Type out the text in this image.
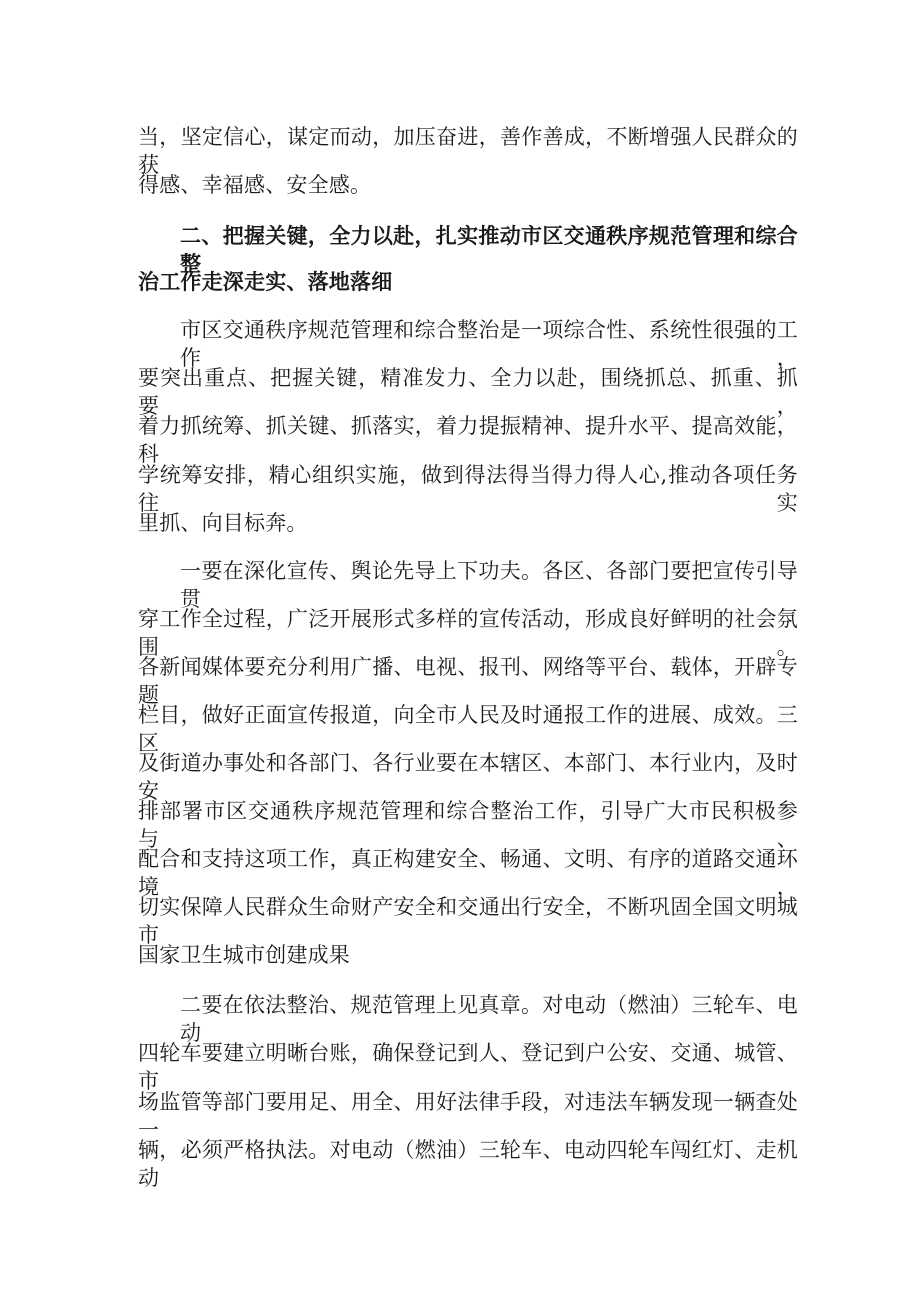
当，坚定信心，谋定而动，加压奋进，善作善成，不断增强人民群众的获
得感、幸福感、安全感。
二、把握关键，全力以赴，扎实推动市区交通秩序规范管理和综合整
治工作走深走实、落地落细
市区交通秩序规范管理和综合整治是一项综合性、系统性很强的工作，
要突出重点、把握关键，精准发力、全力以赴，围绕抓总、抓重、抓要，
着力抓统筹、抓关键、抓落实，着力提振精神、提升水平、提高效能，科
学统筹安排，精心组织实施，做到得法得当得力得人心,推动各项任务往实
里抓、向目标奔。
一要在深化宣传、舆论先导上下功夫。各区、各部门要把宣传引导贯
穿工作全过程，广泛开展形式多样的宣传活动，形成良好鲜明的社会氛围。
各新闻媒体要充分利用广播、电视、报刊、网络等平台、载体，开辟专题
栏目，做好正面宣传报道，向全市人民及时通报工作的进展、成效。三区
及街道办事处和各部门、各行业要在本辖区、本部门、本行业内，及时安
排部署市区交通秩序规范管理和综合整治工作，引导广大市民积极参与、
配合和支持这项工作，真正构建安全、畅通、文明、有序的道路交通环境，
切实保障人民群众生命财产安全和交通出行安全，不断巩固全国文明城市
国家卫生城市创建成果
二要在依法整治、规范管理上见真章。对电动（燃油）三轮车、电动
四轮车要建立明晰台账，确保登记到人、登记到户公安、交通、城管、市
场监管等部门要用足、用全、用好法律手段，对违法车辆发现一辆查处一
辆，必须严格执法。对电动（燃油）三轮车、电动四轮车闯红灯、走机动
